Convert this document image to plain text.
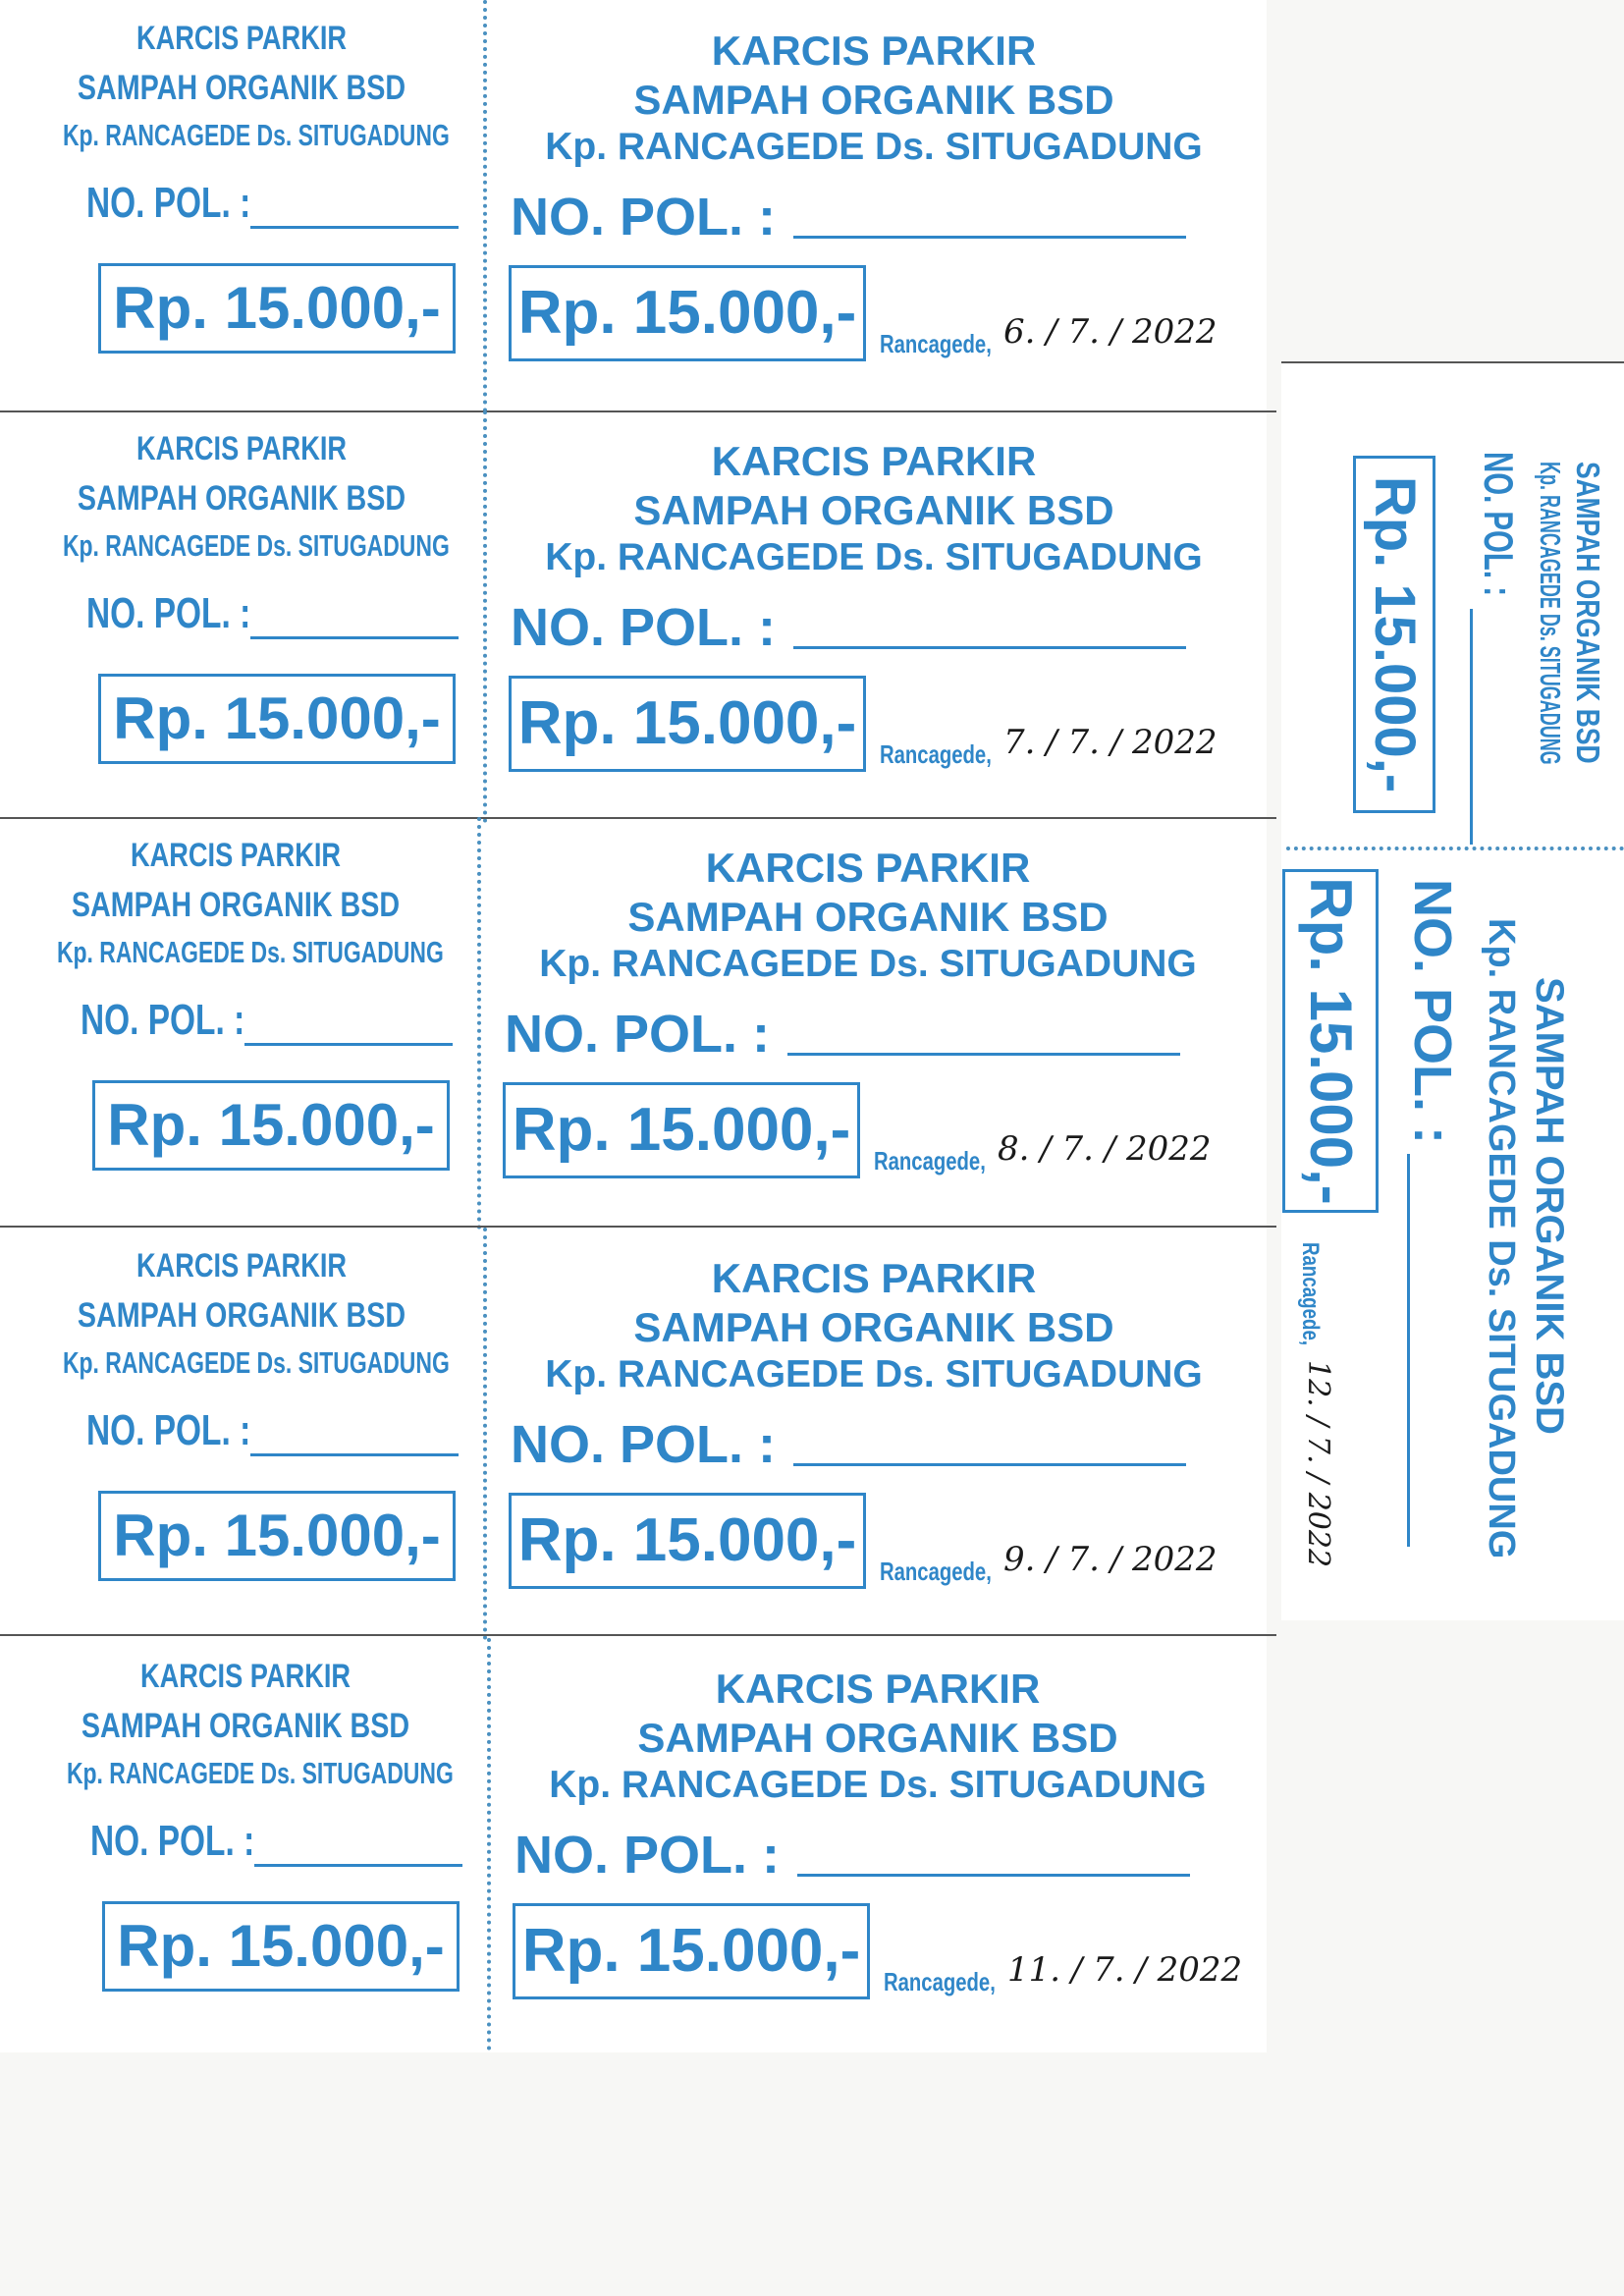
KARCIS PARKIR
SAMPAH ORGANIK BSD
Kp. RANCAGEDE Ds. SITUGADUNG
NO. POL. :
Rp. 15.000,-
KARCIS PARKIR
SAMPAH ORGANIK BSD
Kp. RANCAGEDE Ds. SITUGADUNG
NO. POL. :
Rp. 15.000,- Rancagede, 6. / 7. / 2022
KARCIS PARKIR
SAMPAH ORGANIK BSD
Kp. RANCAGEDE Ds. SITUGADUNG
NO. POL. :
Rp. 15.000,-
KARCIS PARKIR
SAMPAH ORGANIK BSD
Kp. RANCAGEDE Ds. SITUGADUNG
NO. POL. :
Rp. 15.000,- Rancagede, 7. / 7. / 2022
KARCIS PARKIR
SAMPAH ORGANIK BSD
Kp. RANCAGEDE Ds. SITUGADUNG
NO. POL. :
Rp. 15.000,-
KARCIS PARKIR
SAMPAH ORGANIK BSD
Kp. RANCAGEDE Ds. SITUGADUNG
NO. POL. :
Rp. 15.000,- Rancagede, 8. / 7. / 2022
KARCIS PARKIR
SAMPAH ORGANIK BSD
Kp. RANCAGEDE Ds. SITUGADUNG
NO. POL. :
Rp. 15.000,-
KARCIS PARKIR
SAMPAH ORGANIK BSD
Kp. RANCAGEDE Ds. SITUGADUNG
NO. POL. :
Rp. 15.000,- Rancagede, 9. / 7. / 2022
KARCIS PARKIR
SAMPAH ORGANIK BSD
Kp. RANCAGEDE Ds. SITUGADUNG
NO. POL. :
Rp. 15.000,-
KARCIS PARKIR
SAMPAH ORGANIK BSD
Kp. RANCAGEDE Ds. SITUGADUNG
NO. POL. :
Rp. 15.000,- Rancagede, 11. / 7. / 2022
SAMPAH ORGANIK BSD
Kp. RANCAGEDE Ds. SITUGADUNG
NO. POL. :
Rp. 15.000,-
SAMPAH ORGANIK BSD
Kp. RANCAGEDE Ds. SITUGADUNG
NO. POL. :
Rp. 15.000,-
Rancagede,
12. / 7. / 2022
